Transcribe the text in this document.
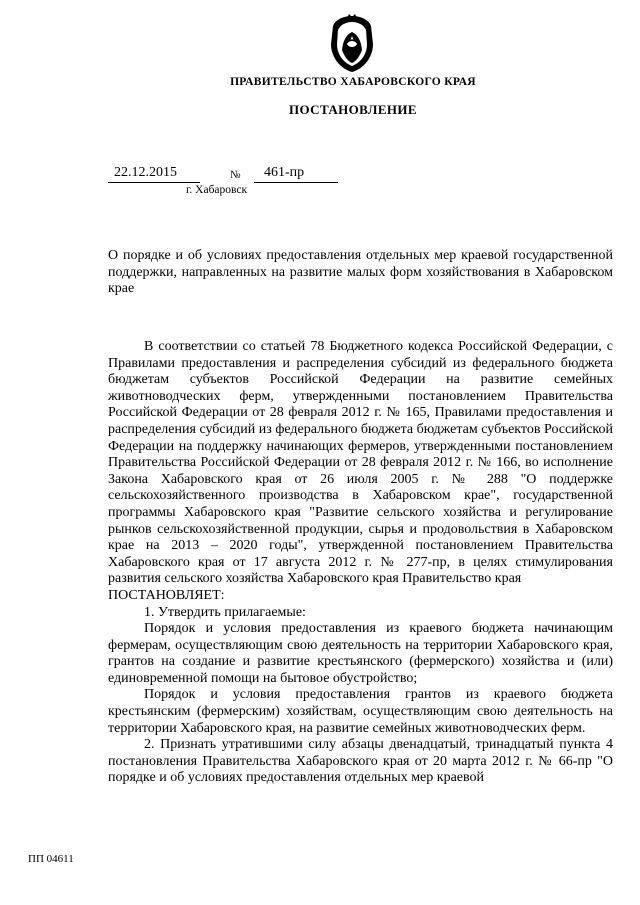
ПРАВИТЕЛЬСТВО ХАБАРОВСКОГО КРАЯ
ПОСТАНОВЛЕНИЕ
22.12.2015	№	461-пр
г. Хабаровск
О порядке и об условиях предоставления отдельных мер краевой государственной поддержки, направленных на развитие малых форм хозяйствования в Хабаровском крае

В соответствии со статьей 78 Бюджетного кодекса Российской Федерации, с Правилами предоставления и распределения субсидий из федерального бюджета бюджетам субъектов Российской Федерации на развитие семейных животноводческих ферм, утвержденными постановлением Правительства Российской Федерации от 28 февраля 2012 г. № 165, Правилами предоставления и распределения субсидий из федерального бюджета бюджетам субъектов Российской Федерации на поддержку начинающих фермеров, утвержденными постановлением Правительства Российской Федерации от 28 февраля 2012 г. № 166, во исполнение Закона Хабаровского края от 26 июля 2005 г. № 288 "О поддержке сельскохозяйственного производства в Хабаровском крае", государственной программы Хабаровского края "Развитие сельского хозяйства и регулирование рынков сельскохозяйственной продукции, сырья и продовольствия в Хабаровском крае на 2013 – 2020 годы", утвержденной постановлением Правительства Хабаровского края от 17 августа 2012 г. № 277-пр, в целях стимулирования развития сельского хозяйства Хабаровского края Правительство края

ПОСТАНОВЛЯЕТ:

1. Утвердить прилагаемые:

Порядок и условия предоставления из краевого бюджета начинающим фермерам, осуществляющим свою деятельность на территории Хабаровского края, грантов на создание и развитие крестьянского (фермерского) хозяйства и (или) единовременной помощи на бытовое обустройство;

Порядок и условия предоставления грантов из краевого бюджета крестьянским (фермерским) хозяйствам, осуществляющим свою деятельность на территории Хабаровского края, на развитие семейных животноводческих ферм.

2. Признать утратившими силу абзацы двенадцатый, тринадцатый пункта 4 постановления Правительства Хабаровского края от 20 марта 2012 г. № 66-пр "О порядке и об условиях предоставления отдельных мер краевой

ПП 04611
